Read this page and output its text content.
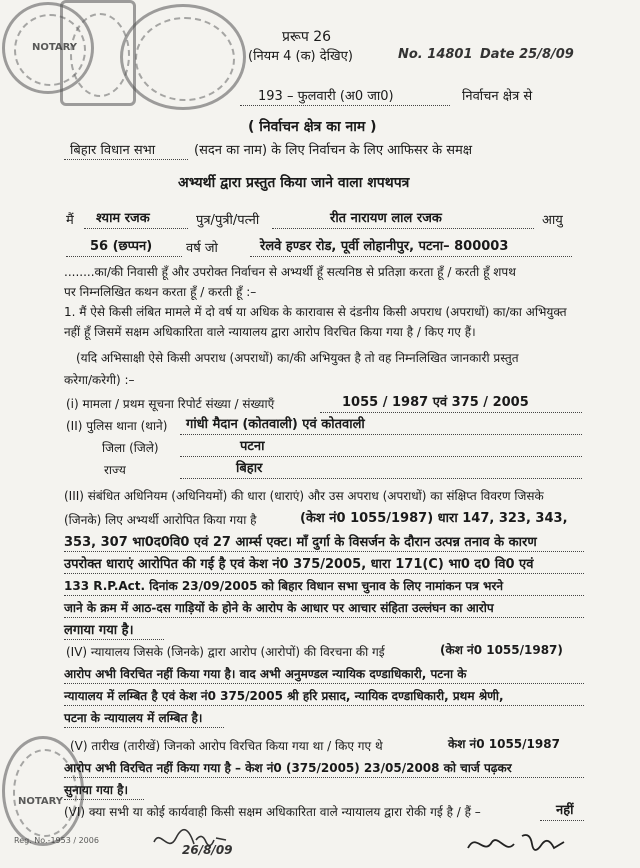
NOTARY
NOTARY
Reg. No.-1953 / 2006
प्ररूप 26
(नियम 4 (क) देखिए)	No. 14801 Date 25/8/09
193 – फुलवारी (अ0 जा0)	निर्वाचन क्षेत्र से
( निर्वाचन क्षेत्र का नाम )
बिहार विधान सभा	(सदन का नाम) के लिए निर्वाचन के लिए आफिसर के समक्ष
अभ्यर्थी द्वारा प्रस्तुत किया जाने वाला शपथपत्र
मैं श्याम रजक	पुत्र/पुत्री/पत्नी	रीत नारायण लाल रजक	आयु
56 (छप्पन)	वर्ष जो	रेलवे हण्डर रोड, पूर्वी लोहानीपुर, पटना– 800003
........का/की निवासी हूँ और उपरोक्त निर्वाचन से अभ्यर्थी हूँ सत्यनिष्ठ से प्रतिज्ञा करता हूँ / करती हूँ शपथ
पर निम्नलिखित कथन करता हूँ / करती हूँ :–
1. मैं ऐसे किसी लंबित मामले में दो वर्ष या अधिक के कारावास से दंडनीय किसी अपराध (अपराधों) का/का अभियुक्त
नहीं हूँ जिसमें सक्षम अधिकारिता वाले न्यायालय द्वारा आरोप विरचित किया गया है / किए गए हैं।
(यदि अभिसाक्षी ऐसे किसी अपराध (अपराधों) का/की अभियुक्त है तो वह निम्नलिखित जानकारी प्रस्तुत
करेगा/करेगी) :–
(i) मामला / प्रथम सूचना रिपोर्ट संख्या / संख्याएँ	1055 / 1987 एवं 375 / 2005
(II) पुलिस थाना (थाने) गांधी मैदान (कोतवाली) एवं कोतवाली
जिला (जिले)	पटना
राज्य	बिहार
(III) संबंधित अधिनियम (अधिनियमों) की धारा (धाराएं) और उस अपराध (अपराधों) का संक्षिप्त विवरण जिसके
(जिनके) लिए अभ्यर्थी आरोपित किया गया है	(केश नं0 1055/1987) धारा 147, 323, 343,
353, 307 भा0द0वि0 एवं 27 आर्म्स एक्ट। माँ दुर्गा के विसर्जन के दौरान उत्पन्न तनाव के कारण
उपरोक्त धाराएं आरोपित की गई है एवं केश नं0 375/2005, धारा 171(C) भा0 द0 वि0 एवं
133 R.P.Act. दिनांक 23/09/2005 को बिहार विधान सभा चुनाव के लिए नामांकन पत्र भरने
जाने के क्रम में आठ-दस गाड़ियों के होने के आरोप के आधार पर आचार संहिता उल्लंघन का आरोप
लगाया गया है।
(IV) न्यायालय जिसके (जिनके) द्वारा आरोप (आरोपों) की विरचना की गई	(केश नं0 1055/1987)
आरोप अभी विरचित नहीं किया गया है। वाद अभी अनुमण्डल न्यायिक दण्डाधिकारी, पटना के
न्यायालय में लम्बित है एवं केश नं0 375/2005 श्री हरि प्रसाद, न्यायिक दण्डाधिकारी, प्रथम श्रेणी,
पटना के न्यायालय में लम्बित है।
(V) तारीख (तारीखें) जिनको आरोप विरचित किया गया था / किए गए थे	केश नं0 1055/1987
आरोप अभी विरचित नहीं किया गया है – केश नं0 (375/2005) 23/05/2008 को चार्ज पढ़कर
सुनाया गया है।
(VI) क्या सभी या कोई कार्यवाही किसी सक्षम अधिकारिता वाले न्यायालय द्वारा रोकी गई है / हैं –	नहीं
26/8/09
